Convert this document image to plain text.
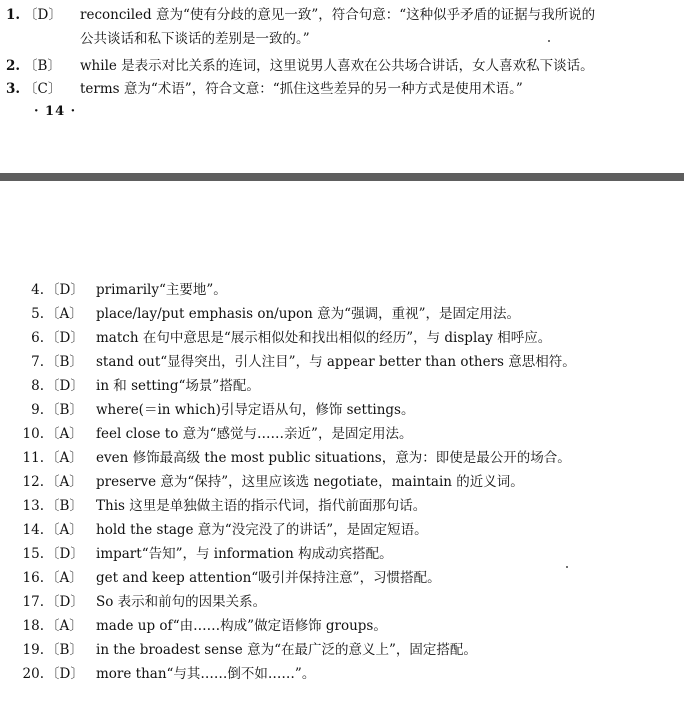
1. 〔D〕 reconciled 意为“使有分歧的意见一致”，符合句意：“这种似乎矛盾的证据与我所说的
公共谈话和私下谈话的差别是一致的。”
2. 〔B〕 while 是表示对比关系的连词，这里说男人喜欢在公共场合讲话，女人喜欢私下谈话。
3. 〔C〕 terms 意为“术语”，符合文意：“抓住这些差异的另一种方式是使用术语。”
· 14 ·
4. 〔D〕 primarily“主要地”。
5. 〔A〕 place/lay/put emphasis on/upon 意为“强调，重视”，是固定用法。
6. 〔D〕 match 在句中意思是“展示相似处和找出相似的经历”，与 display 相呼应。
7. 〔B〕 stand out“显得突出，引人注目”，与 appear better than others 意思相符。
8. 〔D〕 in 和 setting“场景”搭配。
9. 〔B〕 where(＝in which)引导定语从句，修饰 settings。
10. 〔A〕 feel close to 意为“感觉与……亲近”，是固定用法。
11. 〔A〕 even 修饰最高级 the most public situations，意为：即使是最公开的场合。
12. 〔A〕 preserve 意为“保持”，这里应该选 negotiate，maintain 的近义词。
13. 〔B〕 This 这里是单独做主语的指示代词，指代前面那句话。
14. 〔A〕 hold the stage 意为“没完没了的讲话”，是固定短语。
15. 〔D〕 impart“告知”，与 information 构成动宾搭配。
16. 〔A〕 get and keep attention“吸引并保持注意”，习惯搭配。
17. 〔D〕 So 表示和前句的因果关系。
18. 〔A〕 made up of“由……构成”做定语修饰 groups。
19. 〔B〕 in the broadest sense 意为“在最广泛的意义上”，固定搭配。
20. 〔D〕 more than“与其……倒不如……”。
